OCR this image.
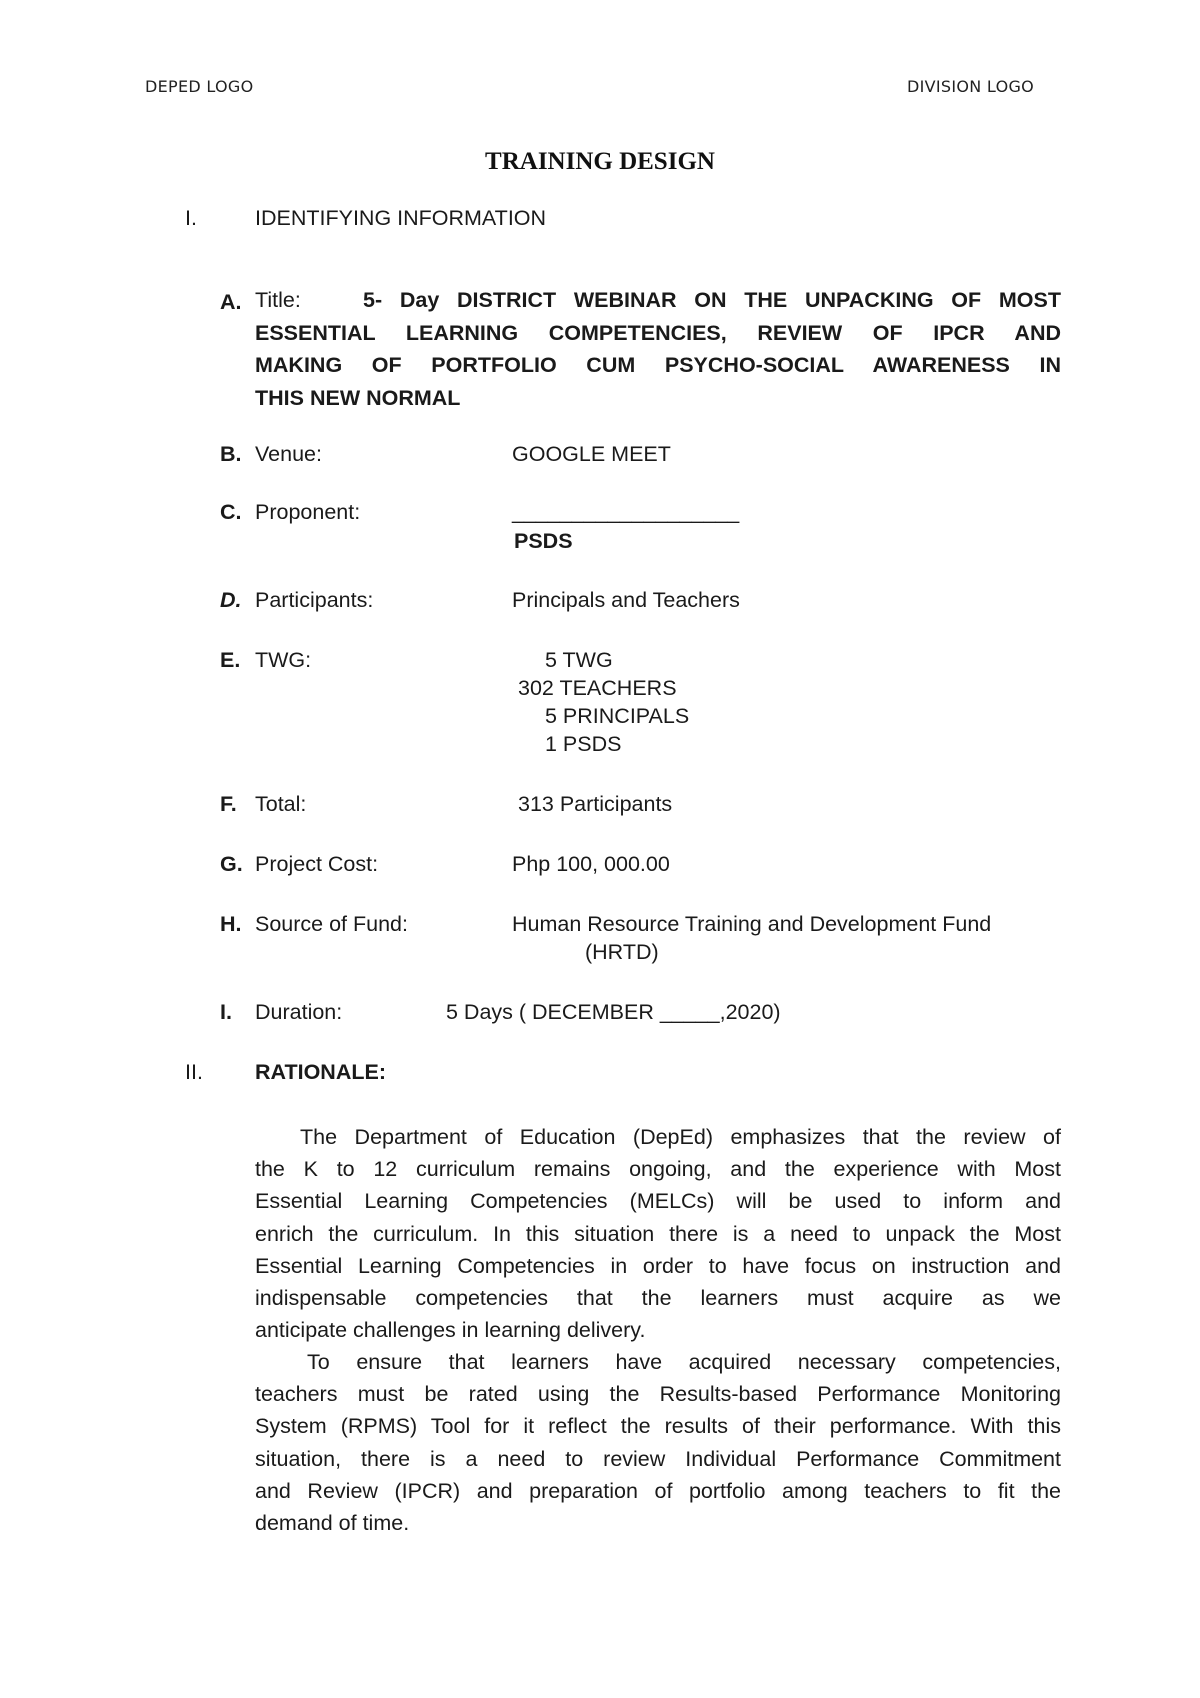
DEPED LOGO	DIVISION LOGO
TRAINING DESIGN
I.	IDENTIFYING INFORMATION
A. Title:	5- Day DISTRICT WEBINAR ON THE UNPACKING OF MOST
ESSENTIAL LEARNING COMPETENCIES, REVIEW OF IPCR AND
MAKING OF PORTFOLIO CUM PSYCHO-SOCIAL AWARENESS IN
THIS NEW NORMAL
B. Venue:	GOOGLE MEET
C. Proponent:	___________________
PSDS
D. Participants:	Principals and Teachers
E. TWG:	5 TWG
302 TEACHERS
5 PRINCIPALS
1 PSDS
F. Total:	313 Participants
G. Project Cost:	Php 100, 000.00
H. Source of Fund:	Human Resource Training and Development Fund
(HRTD)
I. Duration:	5 Days ( DECEMBER _____,2020)
II. RATIONALE:
The Department of Education (DepEd) emphasizes that the review of
the K to 12 curriculum remains ongoing, and the experience with Most
Essential Learning Competencies (MELCs) will be used to inform and
enrich the curriculum. In this situation there is a need to unpack the Most
Essential Learning Competencies in order to have focus on instruction and
indispensable competencies that the learners must acquire as we
anticipate challenges in learning delivery.
To ensure that learners have acquired necessary competencies,
teachers must be rated using the Results-based Performance Monitoring
System (RPMS) Tool for it reflect the results of their performance. With this
situation, there is a need to review Individual Performance Commitment
and Review (IPCR) and preparation of portfolio among teachers to fit the
demand of time.
